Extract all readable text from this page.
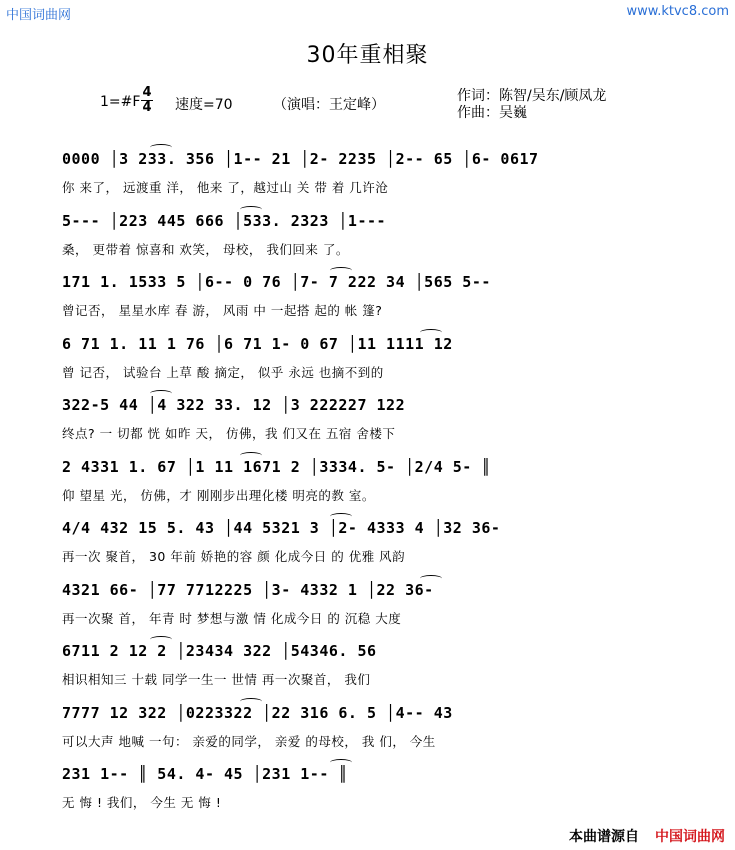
中国词曲网	www.ktvc8.com
30年重相聚
1=#F
4
4 速度=70	（演唱：王定峰）
作词：陈智/吴东/顾凤龙
作曲：吴巍
0000 │3 233. 356 │1-- 21 │2- 2235 │2-- 65 │6- 0617
你 来了， 远渡重 洋， 他来 了，越过山 关 带 着 几许沧
5--- │223 445 666 │533. 2323 │1---
桑， 更带着 惊喜和 欢笑， 母校， 我们回来 了。
171 1. 1533 5 │6-- 0 76 │7- 7 222 34 │565 5--
曾记否， 星星水库 春 游， 风雨 中 一起搭 起的 帐 篷?
6 71 1. 11 1 76 │6 71 1- 0 67 │11 1111 12
曾 记否， 试验台 上草 酸 摘定， 似乎 永远 也摘不到的
322-5 44 │4 322 33. 12 │3 222227 122
终点? 一 切都 恍 如昨 天， 仿佛，我 们又在 五宿 舍楼下
2 4331 1. 67 │1 11 1671 2 │3334. 5- │2/4 5- ║
仰 望星 光， 仿佛，才 刚刚步出理化楼 明亮的教 室。
4/4 432 15 5. 43 │44 5321 3 │2- 4333 4 │32 36-
再一次 聚首， 30 年前 娇艳的容 颜 化成今日 的 优雅 风韵
4321 66- │77 7712225 │3- 4332 1 │22 36-
再一次聚 首， 年青 时 梦想与激 情 化成今日 的 沉稳 大度
6711 2 12 2 │23434 322 │54346. 56
相识相知三 十载 同学一生一 世情 再一次聚首， 我们
7777 12 322 │0223322 │22 316 6. 5 │4-- 43
可以大声 地喊 一句： 亲爱的同学， 亲爱 的母校， 我 们， 今生
231 1-- ║ 54. 4- 45 │231 1-- ║
无 悔 ! 我们， 今生 无 悔 !
本曲谱源自 中国词曲网
